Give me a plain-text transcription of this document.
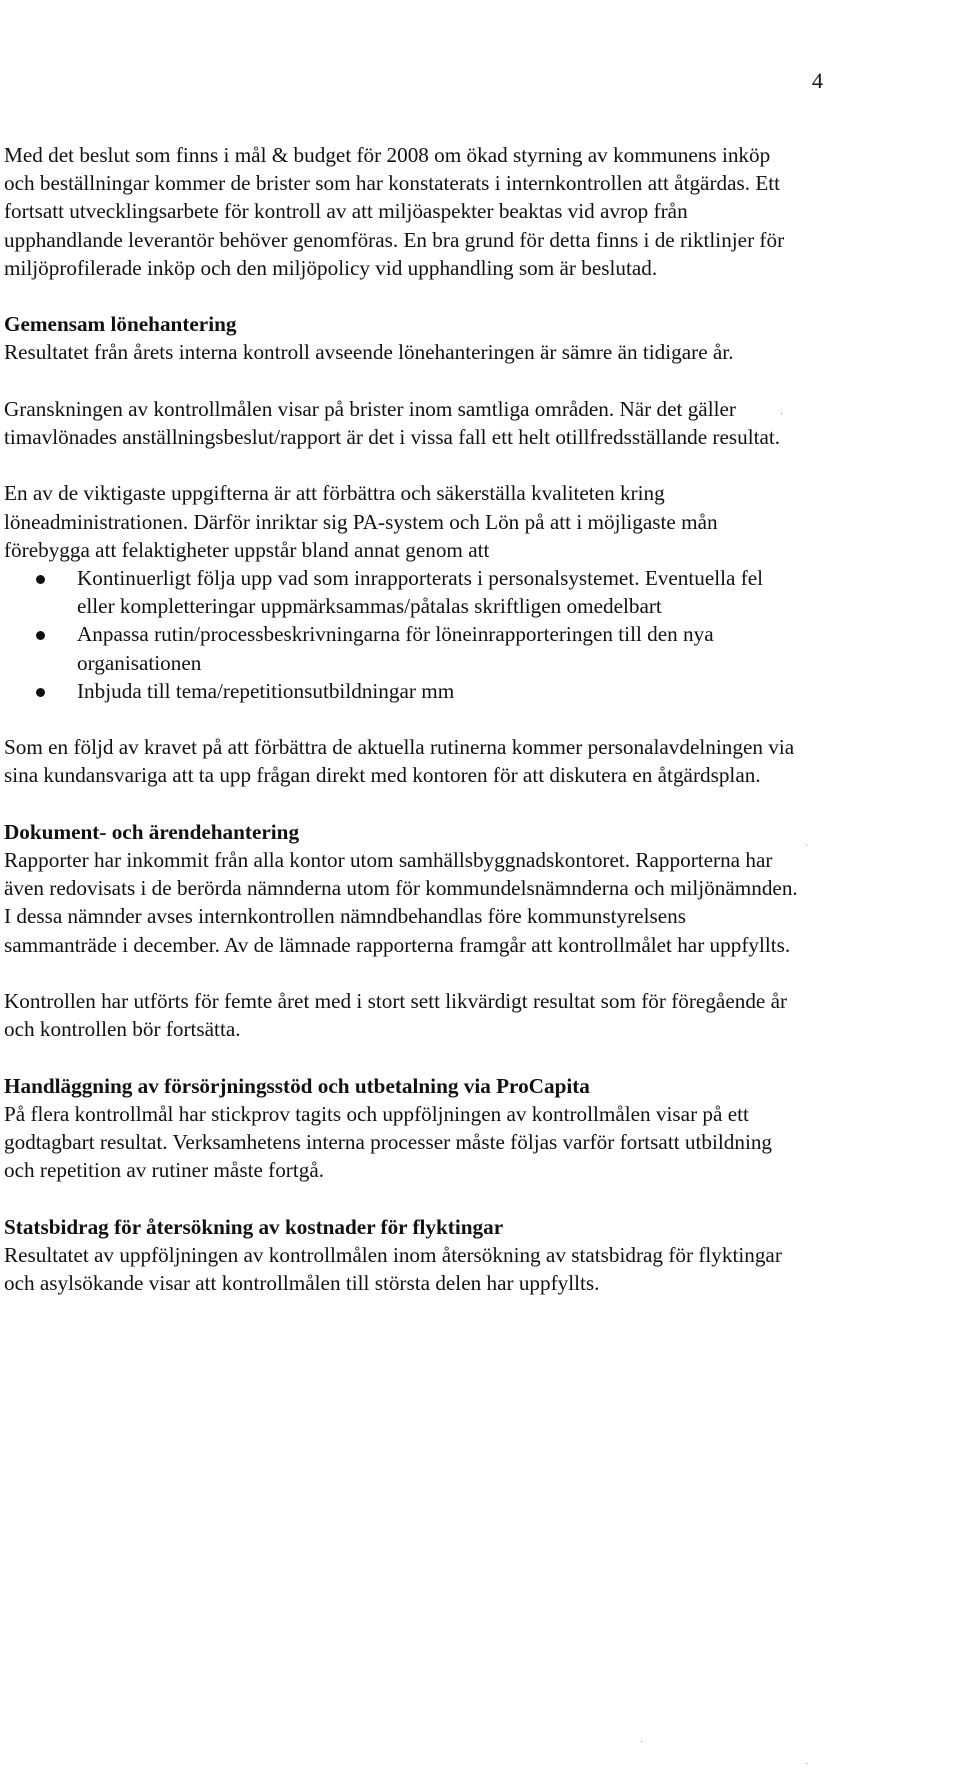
4

Med det beslut som finns i mål & budget för 2008 om ökad styrning av kommunens inköp och beställningar kommer de brister som har konstaterats i internkontrollen att åtgärdas. Ett fortsatt utvecklingsarbete för kontroll av att miljöaspekter beaktas vid avrop från upphandlande leverantör behöver genomföras. En bra grund för detta finns i de riktlinjer för miljöprofilerade inköp och den miljöpolicy vid upphandling som är beslutad.

Gemensam lönehantering

Resultatet från årets interna kontroll avseende lönehanteringen är sämre än tidigare år.

Granskningen av kontrollmålen visar på brister inom samtliga områden. När det gäller timavlönades anställningsbeslut/rapport är det i vissa fall ett helt otillfredsställande resultat.

En av de viktigaste uppgifterna är att förbättra och säkerställa kvaliteten kring löneadministrationen. Därför inriktar sig PA-system och Lön på att i möjligaste mån förebygga att felaktigheter uppstår bland annat genom att

Kontinuerligt följa upp vad som inrapporterats i personalsystemet. Eventuella fel eller kompletteringar uppmärksammas/påtalas skriftligen omedelbart
Anpassa rutin/processbeskrivningarna för löneinrapporteringen till den nya organisationen
Inbjuda till tema/repetitionsutbildningar mm

Som en följd av kravet på att förbättra de aktuella rutinerna kommer personalavdelningen via sina kundansvariga att ta upp frågan direkt med kontoren för att diskutera en åtgärdsplan.

Dokument- och ärendehantering

Rapporter har inkommit från alla kontor utom samhällsbyggnadskontoret. Rapporterna har även redovisats i de berörda nämnderna utom för kommundelsnämnderna och miljönämnden. I dessa nämnder avses internkontrollen nämndbehandlas före kommunstyrelsens sammanträde i december. Av de lämnade rapporterna framgår att kontrollmålet har uppfyllts.

Kontrollen har utförts för femte året med i stort sett likvärdigt resultat som för föregående år och kontrollen bör fortsätta.

Handläggning av försörjningsstöd och utbetalning via ProCapita

På flera kontrollmål har stickprov tagits och uppföljningen av kontrollmålen visar på ett godtagbart resultat. Verksamhetens interna processer måste följas varför fortsatt utbildning och repetition av rutiner måste fortgå.

Statsbidrag för återsökning av kostnader för flyktingar

Resultatet av uppföljningen av kontrollmålen inom återsökning av statsbidrag för flyktingar och asylsökande visar att kontrollmålen till största delen har uppfyllts.

·
·
·
·
